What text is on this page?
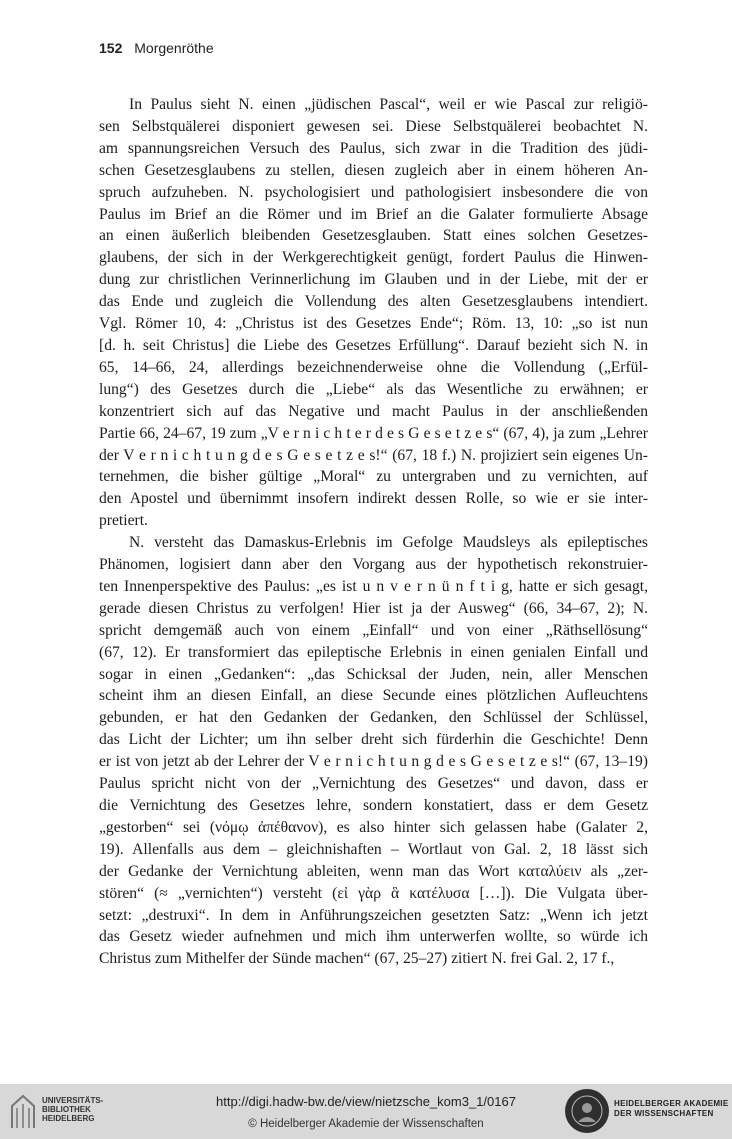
152 Morgenröthe
In Paulus sieht N. einen „jüdischen Pascal“, weil er wie Pascal zur religiö-
sen Selbstquälerei disponiert gewesen sei. Diese Selbstquälerei beobachtet N.
am spannungsreichen Versuch des Paulus, sich zwar in die Tradition des jüdi-
schen Gesetzesglaubens zu stellen, diesen zugleich aber in einem höheren An-
spruch aufzuheben. N. psychologisiert und pathologisiert insbesondere die von
Paulus im Brief an die Römer und im Brief an die Galater formulierte Absage
an einen äußerlich bleibenden Gesetzesglauben. Statt eines solchen Gesetzes-
glaubens, der sich in der Werkgerechtigkeit genügt, fordert Paulus die Hinwen-
dung zur christlichen Verinnerlichung im Glauben und in der Liebe, mit der er
das Ende und zugleich die Vollendung des alten Gesetzesglaubens intendiert.
Vgl. Römer 10, 4: „Christus ist des Gesetzes Ende“; Röm. 13, 10: „so ist nun
[d. h. seit Christus] die Liebe des Gesetzes Erfüllung“. Darauf bezieht sich N. in
65, 14–66, 24, allerdings bezeichnenderweise ohne die Vollendung („Erfül-
lung“) des Gesetzes durch die „Liebe“ als das Wesentliche zu erwähnen; er
konzentriert sich auf das Negative und macht Paulus in der anschließenden
Partie 66, 24–67, 19 zum „V e r n i c h t e r d e s G e s e t z e s“ (67, 4), ja zum „Lehrer
der V e r n i c h t u n g d e s G e s e t z e s!“ (67, 18 f.) N. projiziert sein eigenes Un-
ternehmen, die bisher gültige „Moral“ zu untergraben und zu vernichten, auf
den Apostel und übernimmt insofern indirekt dessen Rolle, so wie er sie inter-
pretiert.
N. versteht das Damaskus-Erlebnis im Gefolge Maudsleys als epileptisches
Phänomen, logisiert dann aber den Vorgang aus der hypothetisch rekonstruier-
ten Innenperspektive des Paulus: „es ist u n v e r n ü n f t i g, hatte er sich gesagt,
gerade diesen Christus zu verfolgen! Hier ist ja der Ausweg“ (66, 34–67, 2); N.
spricht demgemäß auch von einem „Einfall“ und von einer „Räthsellösung“
(67, 12). Er transformiert das epileptische Erlebnis in einen genialen Einfall und
sogar in einen „Gedanken“: „das Schicksal der Juden, nein, aller Menschen
scheint ihm an diesen Einfall, an diese Secunde eines plötzlichen Aufleuchtens
gebunden, er hat den Gedanken der Gedanken, den Schlüssel der Schlüssel,
das Licht der Lichter; um ihn selber dreht sich fürderhin die Geschichte! Denn
er ist von jetzt ab der Lehrer der V e r n i c h t u n g d e s G e s e t z e s!“ (67, 13–19)
Paulus spricht nicht von der „Vernichtung des Gesetzes“ und davon, dass er
die Vernichtung des Gesetzes lehre, sondern konstatiert, dass er dem Gesetz
„gestorben“ sei (νόμῳ ἀπέθανον), es also hinter sich gelassen habe (Galater 2,
19). Allenfalls aus dem – gleichnishaften – Wortlaut von Gal. 2, 18 lässt sich
der Gedanke der Vernichtung ableiten, wenn man das Wort καταλύειν als „zer-
stören“ (≈ „vernichten“) versteht (εἰ γὰρ ἃ κατέλυσα […]). Die Vulgata über-
setzt: „destruxi“. In dem in Anführungszeichen gesetzten Satz: „Wenn ich jetzt
das Gesetz wieder aufnehmen und mich ihm unterwerfen wollte, so würde ich
Christus zum Mithelfer der Sünde machen“ (67, 25–27) zitiert N. frei Gal. 2, 17 f.,
UNIVERSITÄTS-
BIBLIOTHEK
HEIDELBERG
http://digi.hadw-bw.de/view/nietzsche_kom3_1/0167
© Heidelberger Akademie der Wissenschaften
HEIDELBERGER AKADEMIE
DER WISSENSCHAFTEN
